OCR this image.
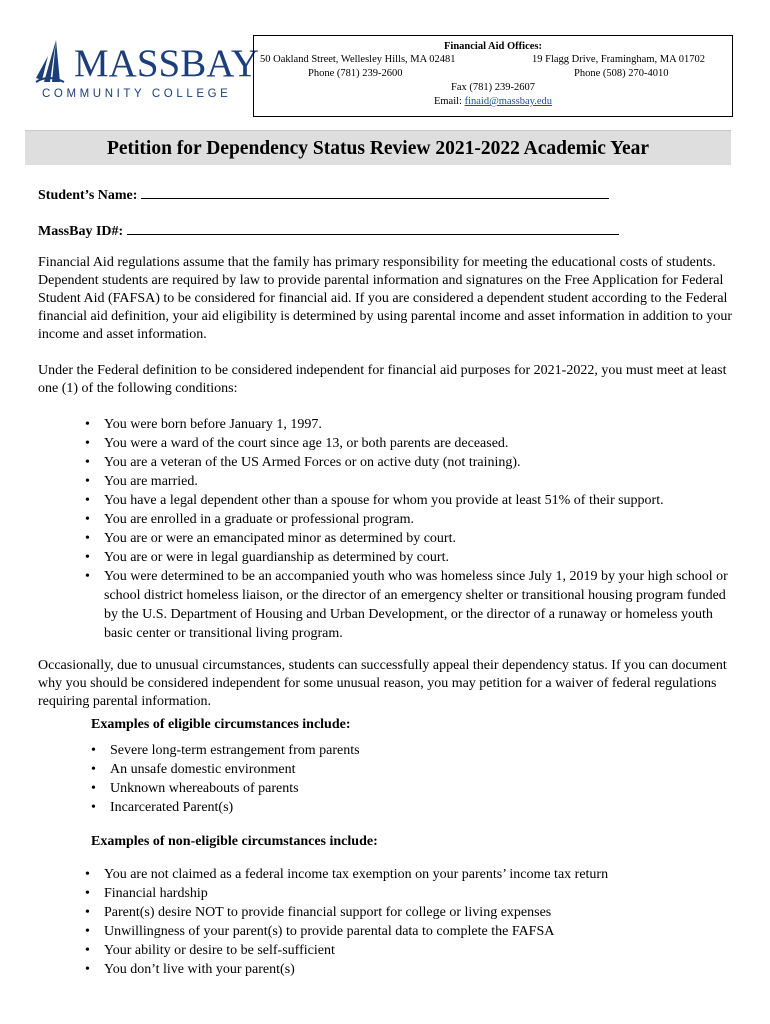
MASSBAY
COMMUNITY COLLEGE
Financial Aid Offices:
50 Oakland Street, Wellesley Hills, MA 02481
Phone (781) 239-2600
19 Flagg Drive, Framingham, MA 01702
Phone (508) 270-4010
Fax (781) 239-2607
Email: finaid@massbay.edu
Petition for Dependency Status Review 2021-2022 Academic Year
Student’s Name:
MassBay ID#:

Financial Aid regulations assume that the family has primary responsibility for meeting the educational costs of students. Dependent students are required by law to provide parental information and signatures on the Free Application for Federal Student Aid (FAFSA) to be considered for financial aid. If you are considered a dependent student according to the Federal financial aid definition, your aid eligibility is determined by using parental income and asset information in addition to your income and asset information.

Under the Federal definition to be considered independent for financial aid purposes for 2021-2022, you must meet at least one (1) of the following conditions:

• You were born before January 1, 1997.
• You were a ward of the court since age 13, or both parents are deceased.
• You are a veteran of the US Armed Forces or on active duty (not training).
• You are married.
• You have a legal dependent other than a spouse for whom you provide at least 51% of their support.
• You are enrolled in a graduate or professional program.
• You are or were an emancipated minor as determined by court.
• You are or were in legal guardianship as determined by court.
• You were determined to be an accompanied youth who was homeless since July 1, 2019 by your high school or school district homeless liaison, or the director of an emergency shelter or transitional housing program funded by the U.S. Department of Housing and Urban Development, or the director of a runaway or homeless youth basic center or transitional living program.

Occasionally, due to unusual circumstances, students can successfully appeal their dependency status. If you can document why you should be considered independent for some unusual reason, you may petition for a waiver of federal regulations requiring parental information.

Examples of eligible circumstances include:
• Severe long-term estrangement from parents
• An unsafe domestic environment
• Unknown whereabouts of parents
• Incarcerated Parent(s)
Examples of non-eligible circumstances include:
• You are not claimed as a federal income tax exemption on your parents’ income tax return
• Financial hardship
• Parent(s) desire NOT to provide financial support for college or living expenses
• Unwillingness of your parent(s) to provide parental data to complete the FAFSA
• Your ability or desire to be self-sufficient
• You don’t live with your parent(s)
